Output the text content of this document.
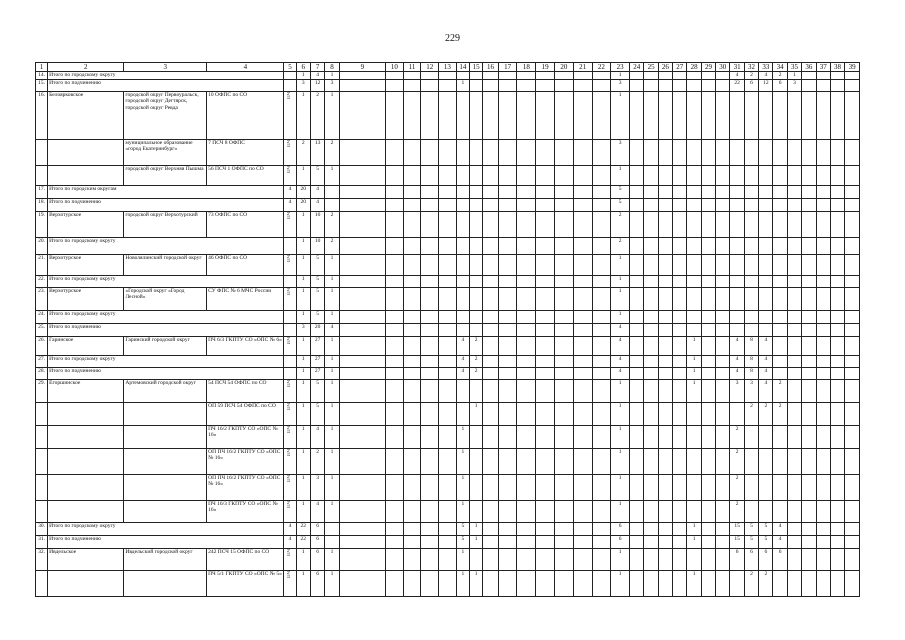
229
1	2	3	4	5	6	7	8	9	10	11	12	13	14	15	16	17	18	19	20	21	22	23	24	25	26	27	28	29	30	31	32	33	34	35	36	37	38	39
14.	Итого по городскому округу				1	4	1															1								4	2	4	2	1				
15.	Итого по подчинению				3	12	3						1									3								22	6	12	6	3				
16.	Белоярковское	городской округ Первоуральск, городской округ Дегтярск, городской округ Ревда	10 ОФПС по СО	ПЧ	1	2	1															1																
		муниципальное образование «город Екатеринбург»	7 ПСЧ 8 ОФПС	ПЧ	2	13	2															3																
		городской округ Верхняя Пышма	56 ПСЧ 1 ОФПС по СО	ПЧ	1	5	1															1																
17.	Итого по городским округам			4	20	4																5																
18.	Итого по подчинению			4	20	4																5																
19.	Верхотурское	городской округ Верхотурский	73 ОФПС по СО	ПЧ	1	10	2															2																
20.	Итого по городскому округу				1	10	2															2																
21.	Верхотурское	Новолялинский городской округ	46 ОФПС по СО	ПЧ	1	5	1															1																
22.	Итого по городскому округу				1	5	1															1																
23.	Верхотурское	«Городской округ «Город Лесной»	СУ ФПС № 6 МЧС России	ПЧ	1	5	1															1																
24.	Итого по городскому округу				1	5	1															1																
25.	Итого по подчинению				3	20	4															4																
26.	Гаринское	Гаринский городской округ	ПЧ 6/3 ГКПТУ СО «ОПС № 6»	ПЧ	1	27	1						4	2								4					1			4	8	4						
27.	Итого по городскому округу				1	27	1						4	2								4					1			4	8	4						
28.	Итого по подчинению				1	27	1						4	2								4					1			4	8	4						
29.	Егоршинское	Артемовский городской округ	54 ПСЧ 54 ОФПС по СО	ПЧ	1	5	1															1					1			3	3	4	2					
			ОП 59 ПСЧ 54 ОФПС по СО	ПЧ	1	5	1							1								1									2	2	2					
			ПЧ 16/2 ГКПТУ СО «ОПС № 16»	ПЧ	1	4	1						1									1								2								
			ОП ПЧ 16/2 ГКПТУ СО «ОПС № 16»	ПЧ	1	2	1						1									1								2								
			ОП ПЧ 16/2 ГКПТУ СО «ОПС № 16»	ПЧ	1	3	1						1									1								2								
			ПЧ 16/3 ГКПТУ СО «ОПС № 16»	ПЧ	1	4	1						1									1								2								
30.	Итого по городскому округу			4	22	6							5	1								6					1			15	5	5	4					
31.	Итого по подчинению			4	22	6							5	1								6					1			15	5	5	4					
32.	Ивдельское	Ивдельский городской округ	242 ПСЧ 15 ОФПС по СО	ПЧ	1	6	1						1									1								6	6	6	6					
			ПЧ 5/1 ГКПТУ СО «ОПС № 5»	ПЧ	1	6	1						1	1								1					1				2	2						
